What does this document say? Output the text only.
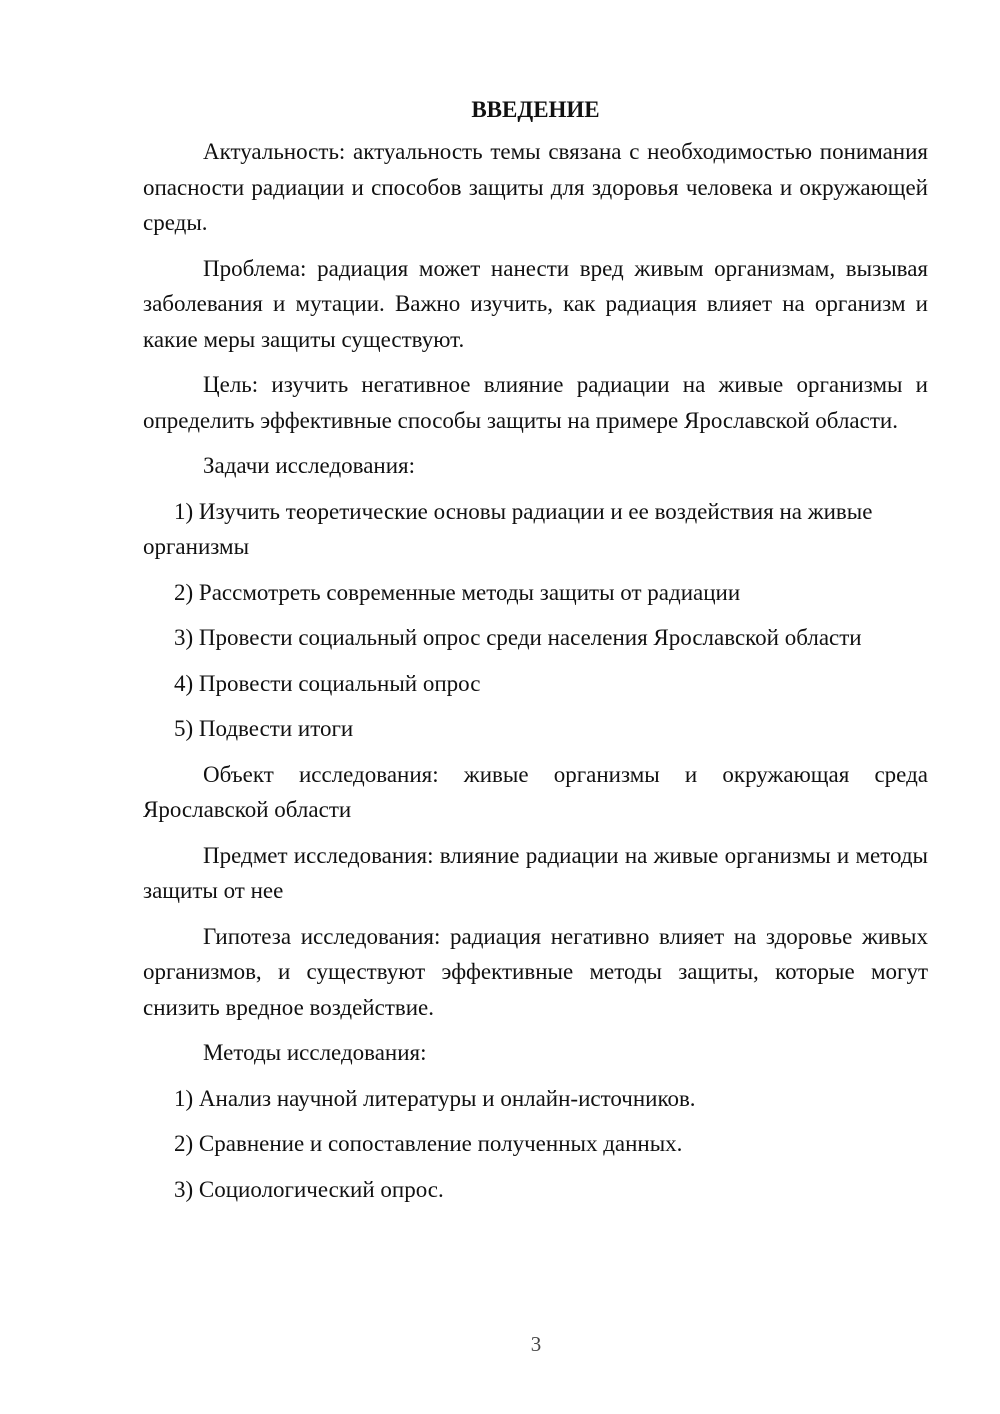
ВВЕДЕНИЕ

Актуальность: актуальность темы связана с необходимостью понимания опасности радиации и способов защиты для здоровья человека и окружающей среды.

Проблема: радиация может нанести вред живым организмам, вызывая заболевания и мутации. Важно изучить, как радиация влияет на организм и какие меры защиты существуют.

Цель: изучить негативное влияние радиации на живые организмы и определить эффективные способы защиты на примере Ярославской области.

Задачи исследования:

1) Изучить теоретические основы радиации и ее воздействия на живые организмы

2) Рассмотреть современные методы защиты от радиации

3) Провести социальный опрос среди населения Ярославской области

4) Провести социальный опрос

5) Подвести итоги

Объект исследования: живые организмы и окружающая среда Ярославской области

Предмет исследования: влияние радиации на живые организмы и методы защиты от нее

Гипотеза исследования: радиация негативно влияет на здоровье живых организмов, и существуют эффективные методы защиты, которые могут снизить вредное воздействие.

Методы исследования:

1) Анализ научной литературы и онлайн-источников.

2) Сравнение и сопоставление полученных данных.

3) Социологический опрос.

3
